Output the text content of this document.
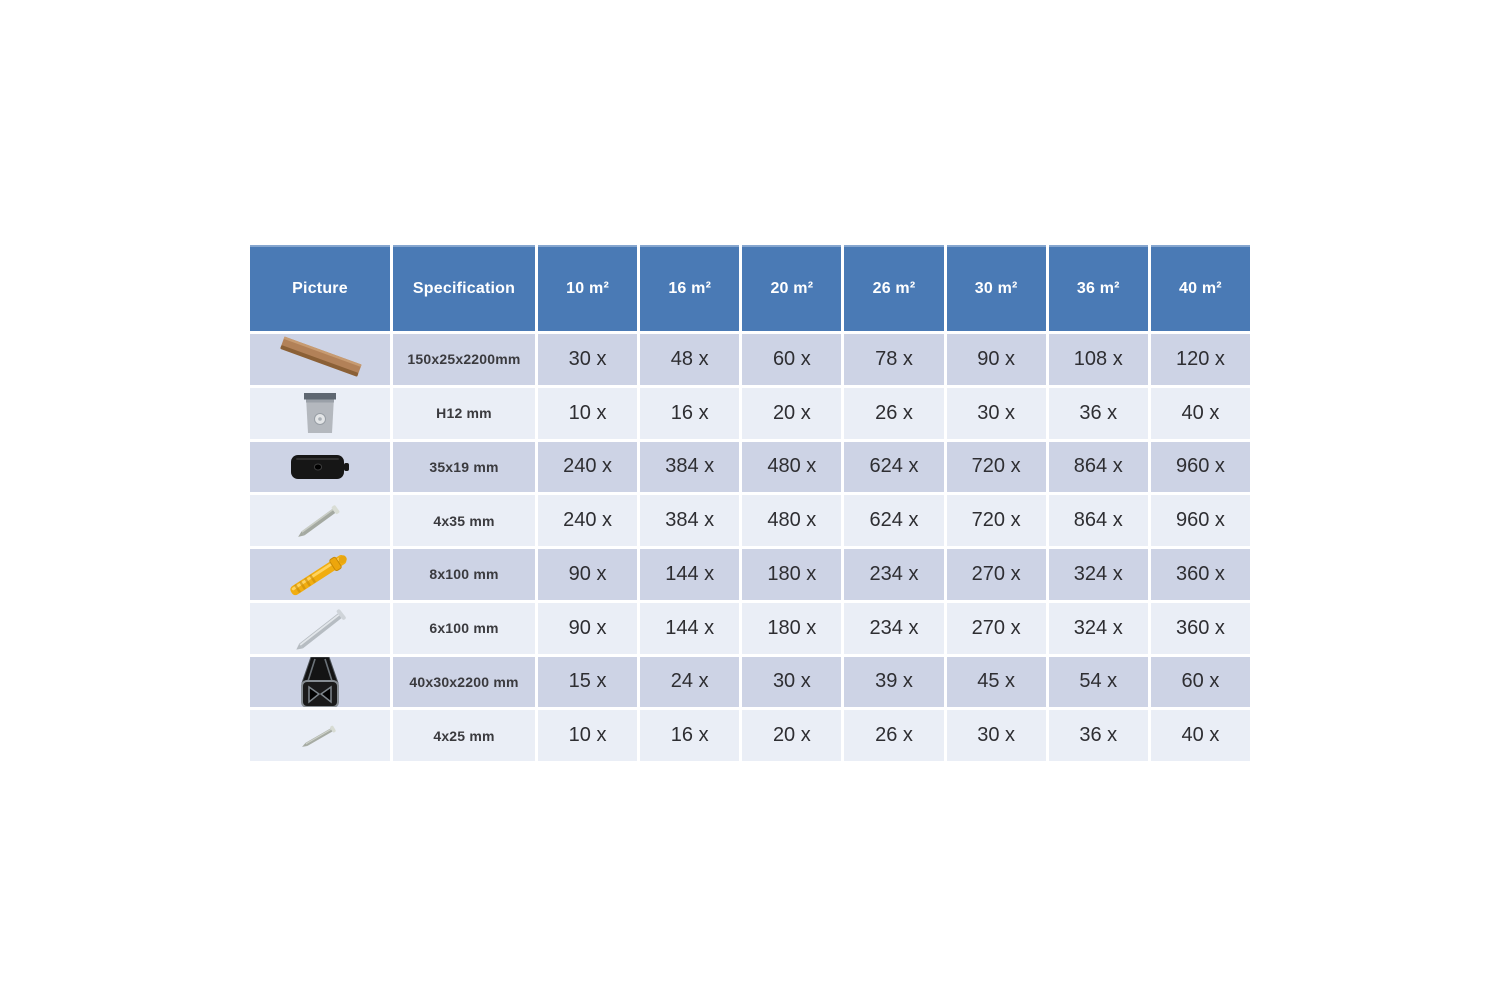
Picture	Specification	10 m²	16 m²	20 m²	26 m²	30 m²	36 m²	40 m²
150x25x2200mm	30 x	48 x	60 x	78 x	90 x	108 x	120 x
H12 mm	10 x	16 x	20 x	26 x	30 x	36 x	40 x
35x19 mm	240 x	384 x	480 x	624 x	720 x	864 x	960 x
4x35 mm	240 x	384 x	480 x	624 x	720 x	864 x	960 x
8x100 mm	90 x	144 x	180 x	234 x	270 x	324 x	360 x
6x100 mm	90 x	144 x	180 x	234 x	270 x	324 x	360 x
40x30x2200 mm	15 x	24 x	30 x	39 x	45 x	54 x	60 x
4x25 mm	10 x	16 x	20 x	26 x	30 x	36 x	40 x
